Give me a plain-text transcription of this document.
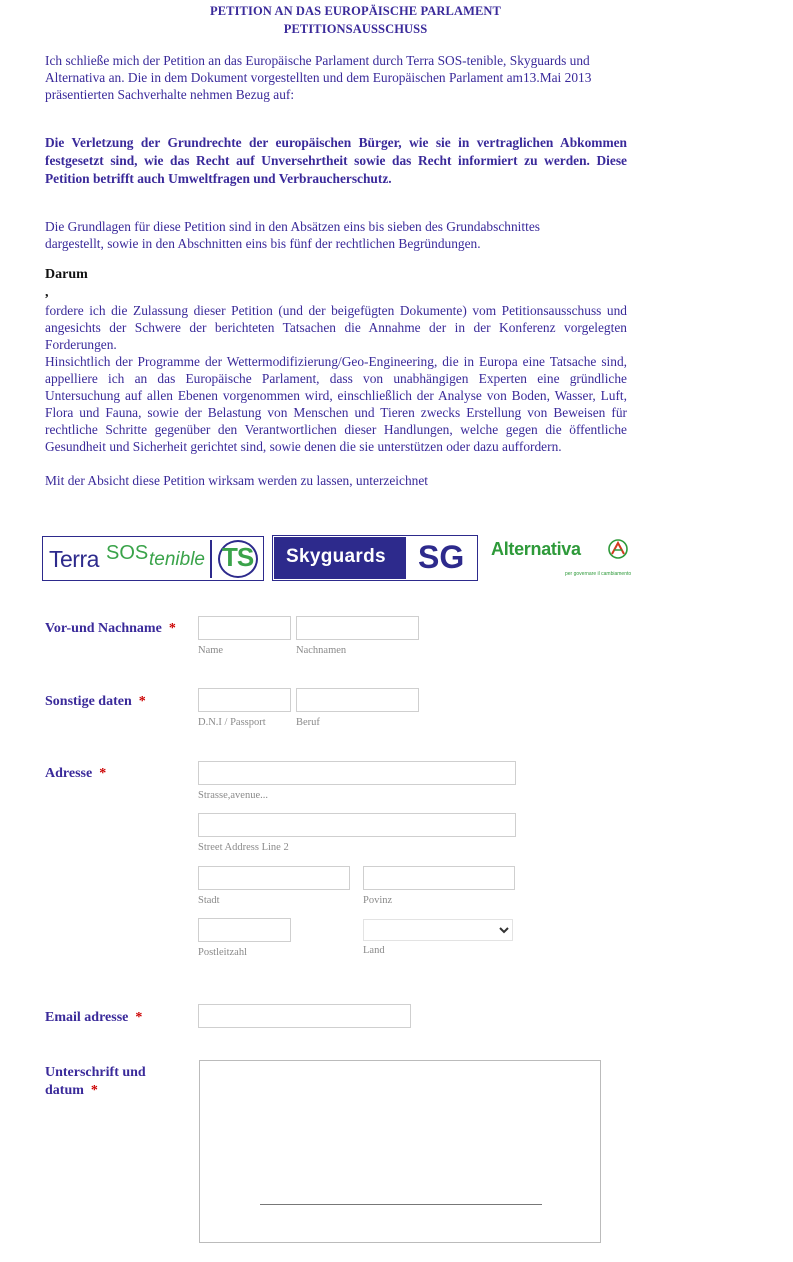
PETITION AN DAS EUROPÄISCHE PARLAMENT
PETITIONSAUSSCHUSS
Ich schließe mich der Petition an das Europäische Parlament durch Terra SOS-tenible, Skyguards und
Alternativa an. Die in dem Dokument vorgestellten und dem Europäischen Parlament am13.Mai 2013
präsentierten Sachverhalte nehmen Bezug auf:
Die Verletzung der Grundrechte der europäischen Bürger, wie sie in vertraglichen Abkommen festgesetzt sind, wie das Recht auf Unversehrtheit sowie das Recht informiert zu werden. Diese Petition betrifft auch Umweltfragen und Verbraucherschutz.
Die Grundlagen für diese Petition sind in den Absätzen eins bis sieben des Grundabschnittes
dargestellt, sowie in den Abschnitten eins bis fünf der rechtlichen Begründungen.
Darum
,
fordere ich die Zulassung dieser Petition (und der beigefügten Dokumente) vom Petitionsausschuss und angesichts der Schwere der berichteten Tatsachen die Annahme der in der Konferenz vorgelegten Forderungen.
Hinsichtlich der Programme der Wettermodifizierung/Geo-Engineering, die in Europa eine Tatsache sind, appelliere ich an das Europäische Parlament, dass von unabhängigen Experten eine gründliche Untersuchung auf allen Ebenen vorgenommen wird, einschließlich der Analyse von Boden, Wasser, Luft, Flora und Fauna, sowie der Belastung von Menschen und Tieren zwecks Erstellung von Beweisen für rechtliche Schritte gegenüber den Verantwortlichen dieser Handlungen, welche gegen die öffentliche Gesundheit und Sicherheit gerichtet sind, sowie denen die sie unterstützen oder dazu auffordern.
Mit der Absicht diese Petition wirksam werden zu lassen, unterzeichnet
Terra SOS tenible TS Skyguards SG Alternativa
per governare il cambiamento
Vor-und Nachname *
Name	Nachnamen
Sonstige daten *
D.N.I / Passport	Beruf
Adresse *
Strasse,avenue...
Street Address Line 2
Stadt	Povinz
Postleitzahl	Land
Email adresse *
Unterschrift und
datum *
